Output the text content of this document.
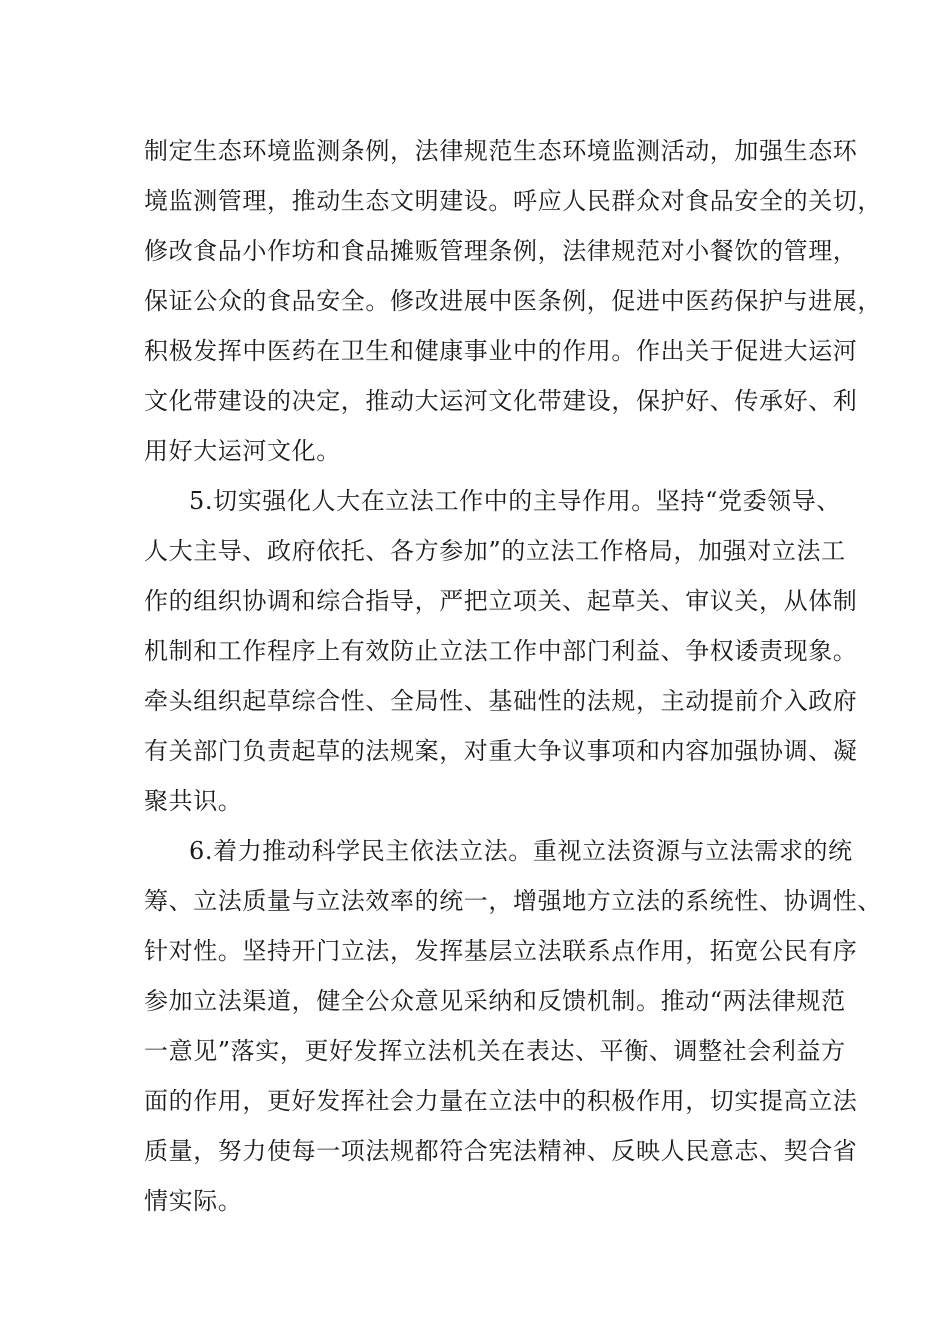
制定生态环境监测条例，法律规范生态环境监测活动，加强生态环

境监测管理，推动生态文明建设。呼应人民群众对食品安全的关切，

修改食品小作坊和食品摊贩管理条例，法律规范对小餐饮的管理，

保证公众的食品安全。修改进展中医条例，促进中医药保护与进展，

积极发挥中医药在卫生和健康事业中的作用。作出关于促进大运河

文化带建设的决定，推动大运河文化带建设，保护好、传承好、利

用好大运河文化。

5.切实强化人大在立法工作中的主导作用。坚持“党委领导、

人大主导、政府依托、各方参加”的立法工作格局，加强对立法工

作的组织协调和综合指导，严把立项关、起草关、审议关，从体制

机制和工作程序上有效防止立法工作中部门利益、争权诿责现象。

牵头组织起草综合性、全局性、基础性的法规，主动提前介入政府

有关部门负责起草的法规案，对重大争议事项和内容加强协调、凝

聚共识。

6.着力推动科学民主依法立法。重视立法资源与立法需求的统

筹、立法质量与立法效率的统一，增强地方立法的系统性、协调性、

针对性。坚持开门立法，发挥基层立法联系点作用，拓宽公民有序

参加立法渠道，健全公众意见采纳和反馈机制。推动“两法律规范

一意见”落实，更好发挥立法机关在表达、平衡、调整社会利益方

面的作用，更好发挥社会力量在立法中的积极作用，切实提高立法

质量，努力使每一项法规都符合宪法精神、反映人民意志、契合省

情实际。
